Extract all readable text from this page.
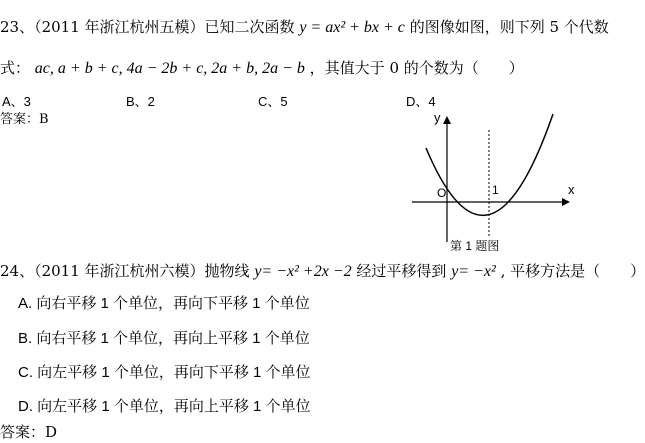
23、（2011 年浙江杭州五模）已知二次函数 y = ax² + bx + c 的图像如图，则下列 5 个代数
式： ac, a + b + c, 4a − 2b + c, 2a + b, 2a − b ，其值大于 0 的个数为（　　）
A、3	B、2	C、5	D、4
答案：B	y
x
O	1
第 1 题图
24、（2011 年浙江杭州六模）抛物线 y= −x² +2x −2 经过平移得到 y= −x² , 平移方法是（　　）
A. 向右平移 1 个单位，再向下平移 1 个单位
B. 向右平移 1 个单位，再向上平移 1 个单位
C. 向左平移 1 个单位，再向下平移 1 个单位
D. 向左平移 1 个单位，再向上平移 1 个单位
答案：D
